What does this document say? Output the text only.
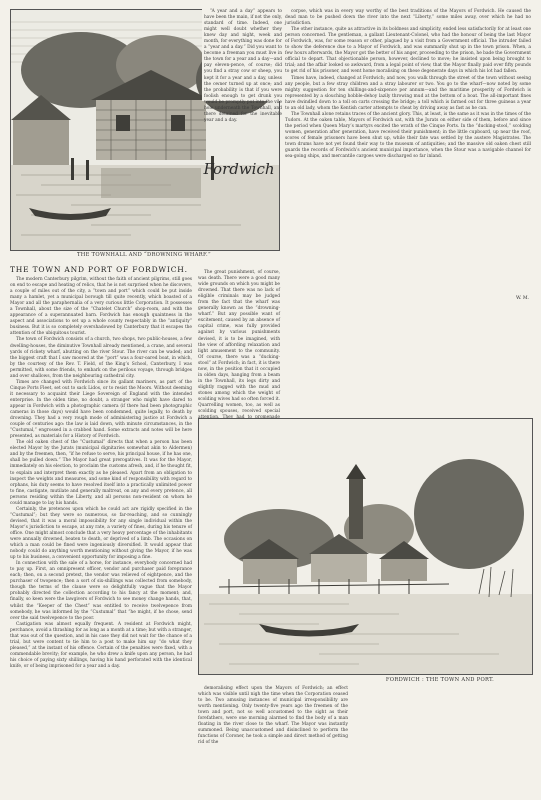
Fordwich
THE TOWNHALL AND “DROWNING WHARF.”

“A year and a day” appears to have been the main, if not the only, standard of time. Indeed, one might well doubt whether they knew day and night, week and month, for everything was done for a “year and a day.” Did you want to become a freeman you must live in the town for a year and a day—and pay eleven-pence, of course; did you find a stray cow or sheep, you kept it for a year and a day, unless the owner turned up at once; and the probability is that if you were foolish enough to get drunk you would be promptly put into the vile hole underneath the Townhall, and there detained for the inevitable year and a day.

corpse, which was in every way worthy of the best traditions of the Mayors of Fordwich. He caused the dead man to be pushed down the river into the next “Liberty,” some miles away, over which he had no jurisdiction.

The other instance, quite as attractive in its boldness and simplicity, ended less satisfactorily for at least one person concerned. The gentleman, a gallant Lieutenant-Colonel, who had the honour of being the last Mayor of Fordwich, was, for some reason or other, plagued by a visit from a Government official. The intruder failed to show the deference due to a Mayor of Fordwich, and was summarily shut up in the town prison. When, a few hours afterwards, the Mayor got the better of his anger, proceeding to the prison, he bade the Government official to depart. That objectionable person, however, declined to move; he insisted upon being brought to trial; and the affair looked so awkward, from a legal point of view, that the Mayor finally paid over fifty pounds to get rid of his prisoner, and went home moralising on these degenerate days in which his lot had fallen.

Times have, indeed, changed at Fordwich; and now, you walk through the street of the town without seeing any people, but a few stray children and a stray labourer or two. You go to the wharf—now noted by some mighty suggestion for ten shillings-and-sixpence per annum—and the maritime prosperity of Fordwich is represented by a slouching hobble-dehoy lazily throwing mud at the bottom of a boat. The all-important fines have dwindled down to a toll on carts crossing the bridge; a toll which is farmed out for three guineas a year to an old lady, whom the Kentish carter attempts to cheat by driving away as fast as he can.

The Townhall alone retains traces of the ancient glory. This, at least, is the same as it was in the times of the Tudors. At the oaken table, Mayors of Fordwich sat, with the Jurats on either side of them, before and since the period when Queen Mary’s martyrs excited the wrath of the Cinque Ports. In the “ducking-stool,” scolding women, generation after generation, have received their punishment; in the little cupboard, up near the roof, scores of female prisoners have been shut up, while their fate was settled by the austere Magistrates. The town drums have not yet found their way to the museum of antiquities; and the massive old oaken chest still guards the records of Fordwich’s ancient municipal importance, when the Stour was a navigable channel for sea-going ships, and mercantile cargoes were discharged so far inland.

W. M.
THE TOWN AND PORT OF FORDWICH.

The modern Canterbury pilgrim, without the faith of ancient pilgrims, still goes on end to escape and heating of relics, that he is not surprised when he discovers, a couple of miles out of the city, a “town and port” which could be put inside many a hamlet, yet a municipal borough till quite recently, which boasted of a Mayor and all the paraphernalia of a very curious little Corporation. It possesses a Townhall, about the size of the “Chatelet Church” shop-room, and with the appearance of a superannuated barn. Fordwich has enough quaintness in the aspect and associations to set up a whole county respectably in the “antiquity” business. But it is so completely overshadowed by Canterbury that it escapes the attention of the ubiquitous tourist.

The town of Fordwich consists of a church, two shops, two public-houses, a few dwelling-houses, the diminutive Townhall already mentioned, a crane, and several yards of rickety wharf, abutting on the river Stour. The river can be waded; and the biggest craft that I saw moored at the “port” was a four-oared boat, in which, by the courtesy of the Rev. T. Field, of the King’s School, Canterbury, I was permitted, with some friends, to embark on the perilous voyage, through bridges and over shallows, from the neighbouring cathedral city.

Times are changed with Fordwich since its gallant mariners, as part of the Cinque Ports Fleet, set out to sack Lidos, or to resist the Moors. Without deeming it necessary to acquaint their Liege Sovereign of England with the intended enterprise. In the olden time, no doubt, a stranger who might have dared to appear in Fordwich with a photographic camera (if there had been photographic cameras in those days) would have been condemned, quite legally, to death by drowning. They had a very rough mode of administering justice at Fordwich a couple of centuries ago: the law is laid down, with minute circumstances, in the “Custumal,” engrossed in a crabbed hand. Some extracts and notes will be here presented, as materials for a History of Fordwich.

The old oaken chest of the “Custumal” directs that when a person has been elected Mayor by the Jurats (municipal dignitaries somewhat akin to Aldermen) and by the freemen, then, “if he refuse to serve, his principal house, if he has one, shall be pulled down.” The Mayor had great prerogatives. It was for the Mayor, immediately on his election, to proclaim the customs afresh, and, if he thought fit, to explain and interpret them exactly as he pleased. Apart from an obligation to inspect the weights and measures, and some kind of responsibility with regard to orphans, his duty seems to have resolved itself into a practically unlimited power to fine, castigate, mutilate and generally maltreat, on any and every pretence, all persons residing within the Liberty, and all persons non-resident on whom he could manage to lay his hands.

Certainly, the pretences upon which he could act are rigidly specified in the “Custumal”; but they were so numerous, so far-reaching, and so cunningly devised, that it was a moral impossibility for any single individual within the Mayor’s jurisdiction to escape, at any rate, a variety of fines, during his tenure of office. One might almost conclude that a very heavy percentage of the inhabitants were annually drowned, beaten to death, or deprived of a limb. The occasions on which a man could be fined were ingeniously diversified. It would appear that nobody could do anything worth mentioning without giving the Mayor, if he was up to his business, a convenient opportunity for imposing a fine.

In connection with the sale of a horse, for instance, everybody concerned had to pay up. First, an omnipresent officer, vendor and purchaser paid foreprance each; then, on a second pretext, the vendor was relieved of eightpence, and the purchaser of twopence; then a sort of six-shillings was collected from somebody, though the terms of the clause were so delightfully vague that the Mayor probably directed the collection according to his fancy at the moment; and, finally, so keen were the lawgivers of Fordwich to see money change hands, that, whilst the “Keeper of the Chest” was entitled to receive twelvepence from somebody, he was informed by the “Custumal” that “he might, if he chose, send over the said twelvepence to the poor.

Castigation was almost equally frequent. A resident at Fordwich might, perchance, avoid a thrashing for as long as a month at a time; but with a stranger, that was out of the question, and in his case they did not wait for the chance of a trial, but were content to tie him to a post to make him say “do what they pleased,” at the instant of his offence. Certain of the penalties were fixed, with a commendable brevity; for example, he who drew a knife upon any person, he had his choice of paying sixty shillings, having his hand perforated with the identical knife, or of being imprisoned for a year and a day.

The great punishment, of course, was death. There were a good many wide grounds on which you might be drowned. That there was no lack of eligible criminals may be judged from the fact that the wharf was generally known as the “drowning-wharf.” But any possible want of excitement, caused by an absence of capital crime, was fully provided against by various punishments devised, it is to be imagined, with the view of affording relaxation and light amusement to the community. Of course, there was a “ducking-stool” at Fordwich; in fact, it is there now, in the position that it occupied in olden days, hanging from a beam in the Townhall, its legs dirty and slightly ragged with the mud and stones among which the weight of scolding wives had so often forced it. Quarrelling women, too, as well as scolding spouses, received special

FORDWICH : THE TOWN AND PORT.

demoralising effect upon the Mayors of Fordwich; an effect which was visible until nigh the time when the Corporation ceased to be. Two amusing instances of municipal irresponsibility are worth mentioning. Only twenty-five years ago the freemen of the town and port, not so well accustomed to the sight as their forefathers, were one morning alarmed to find the body of a man floating in the river close to the wharf. The Mayor was instantly summoned. Being unaccustomed and disinclined to perform the functions of Coroner, he took a simple and direct method of getting rid of the
